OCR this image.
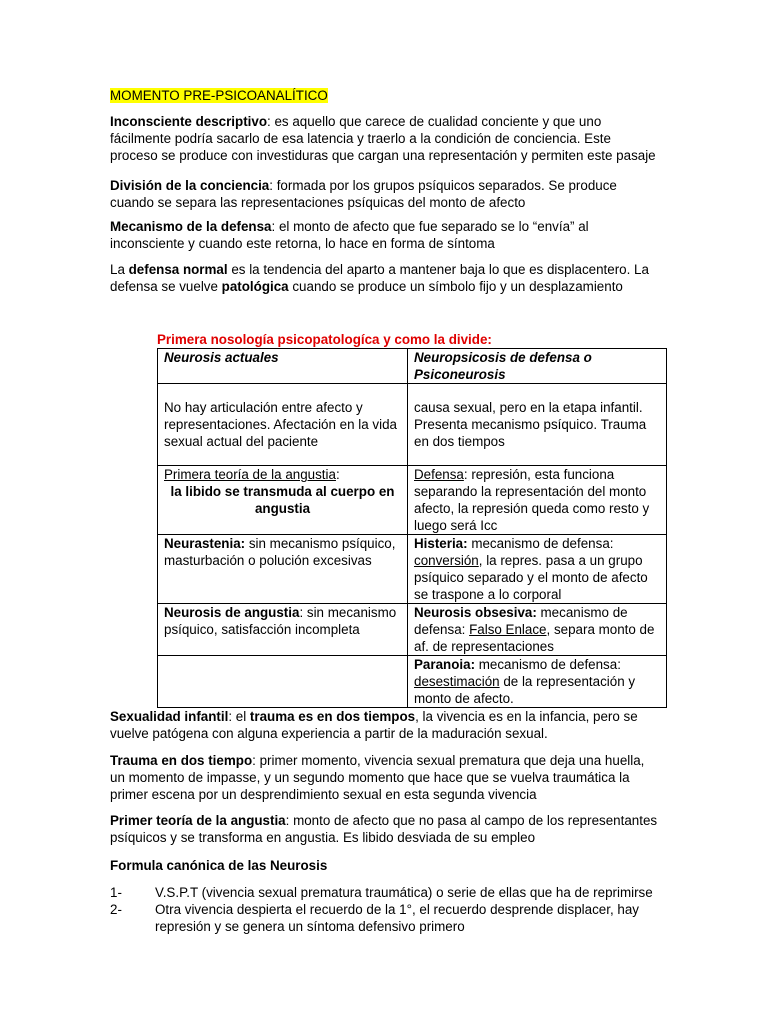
MOMENTO PRE-PSICOANALÍTICO

Inconsciente descriptivo: es aquello que carece de cualidad conciente y que uno fácilmente podría sacarlo de esa latencia y traerlo a la condición de conciencia. Este proceso se produce con investiduras que cargan una representación y permiten este pasaje

División de la conciencia: formada por los grupos psíquicos separados. Se produce cuando se separa las representaciones psíquicas del monto de afecto

Mecanismo de la defensa: el monto de afecto que fue separado se lo “envía” al inconsciente y cuando este retorna, lo hace en forma de síntoma

La defensa normal es la tendencia del aparto a mantener baja lo que es displacentero. La defensa se vuelve patológica cuando se produce un símbolo fijo y un desplazamiento

Primera nosología psicopatologíca y como la divide:

Neurosis actuales	Neuropsicosis de defensa o Psiconeurosis
No hay articulación entre afecto y representaciones. Afectación en la vida sexual actual del paciente	causa sexual, pero en la etapa infantil. Presenta mecanismo psíquico. Trauma en dos tiempos
Primera teoría de la angustia:
la libido se transmuda al cuerpo en angustia	Defensa: represión, esta funciona separando la representación del monto afecto, la represión queda como resto y luego será Icc
Neurastenia: sin mecanismo psíquico, masturbación o polución excesivas	Histeria: mecanismo de defensa: conversión, la repres. pasa a un grupo psíquico separado y el monto de afecto se traspone a lo corporal
Neurosis de angustia: sin mecanismo psíquico, satisfacción incompleta	Neurosis obsesiva: mecanismo de defensa: Falso Enlace, separa monto de af. de representaciones
	Paranoia: mecanismo de defensa: desestimación de la representación y monto de afecto.

Sexualidad infantil: el trauma es en dos tiempos, la vivencia es en la infancia, pero se vuelve patógena con alguna experiencia a partir de la maduración sexual.

Trauma en dos tiempo: primer momento, vivencia sexual prematura que deja una huella, un momento de impasse, y un segundo momento que hace que se vuelva traumática la primer escena por un desprendimiento sexual en esta segunda vivencia

Primer teoría de la angustia: monto de afecto que no pasa al campo de los representantes psíquicos y se transforma en angustia. Es libido desviada de su empleo

Formula canónica de las Neurosis

1-	V.S.P.T (vivencia sexual prematura traumática) o serie de ellas que ha de reprimirse
2-	Otra vivencia despierta el recuerdo de la 1°, el recuerdo desprende displacer, hay represión y se genera un síntoma defensivo primero
